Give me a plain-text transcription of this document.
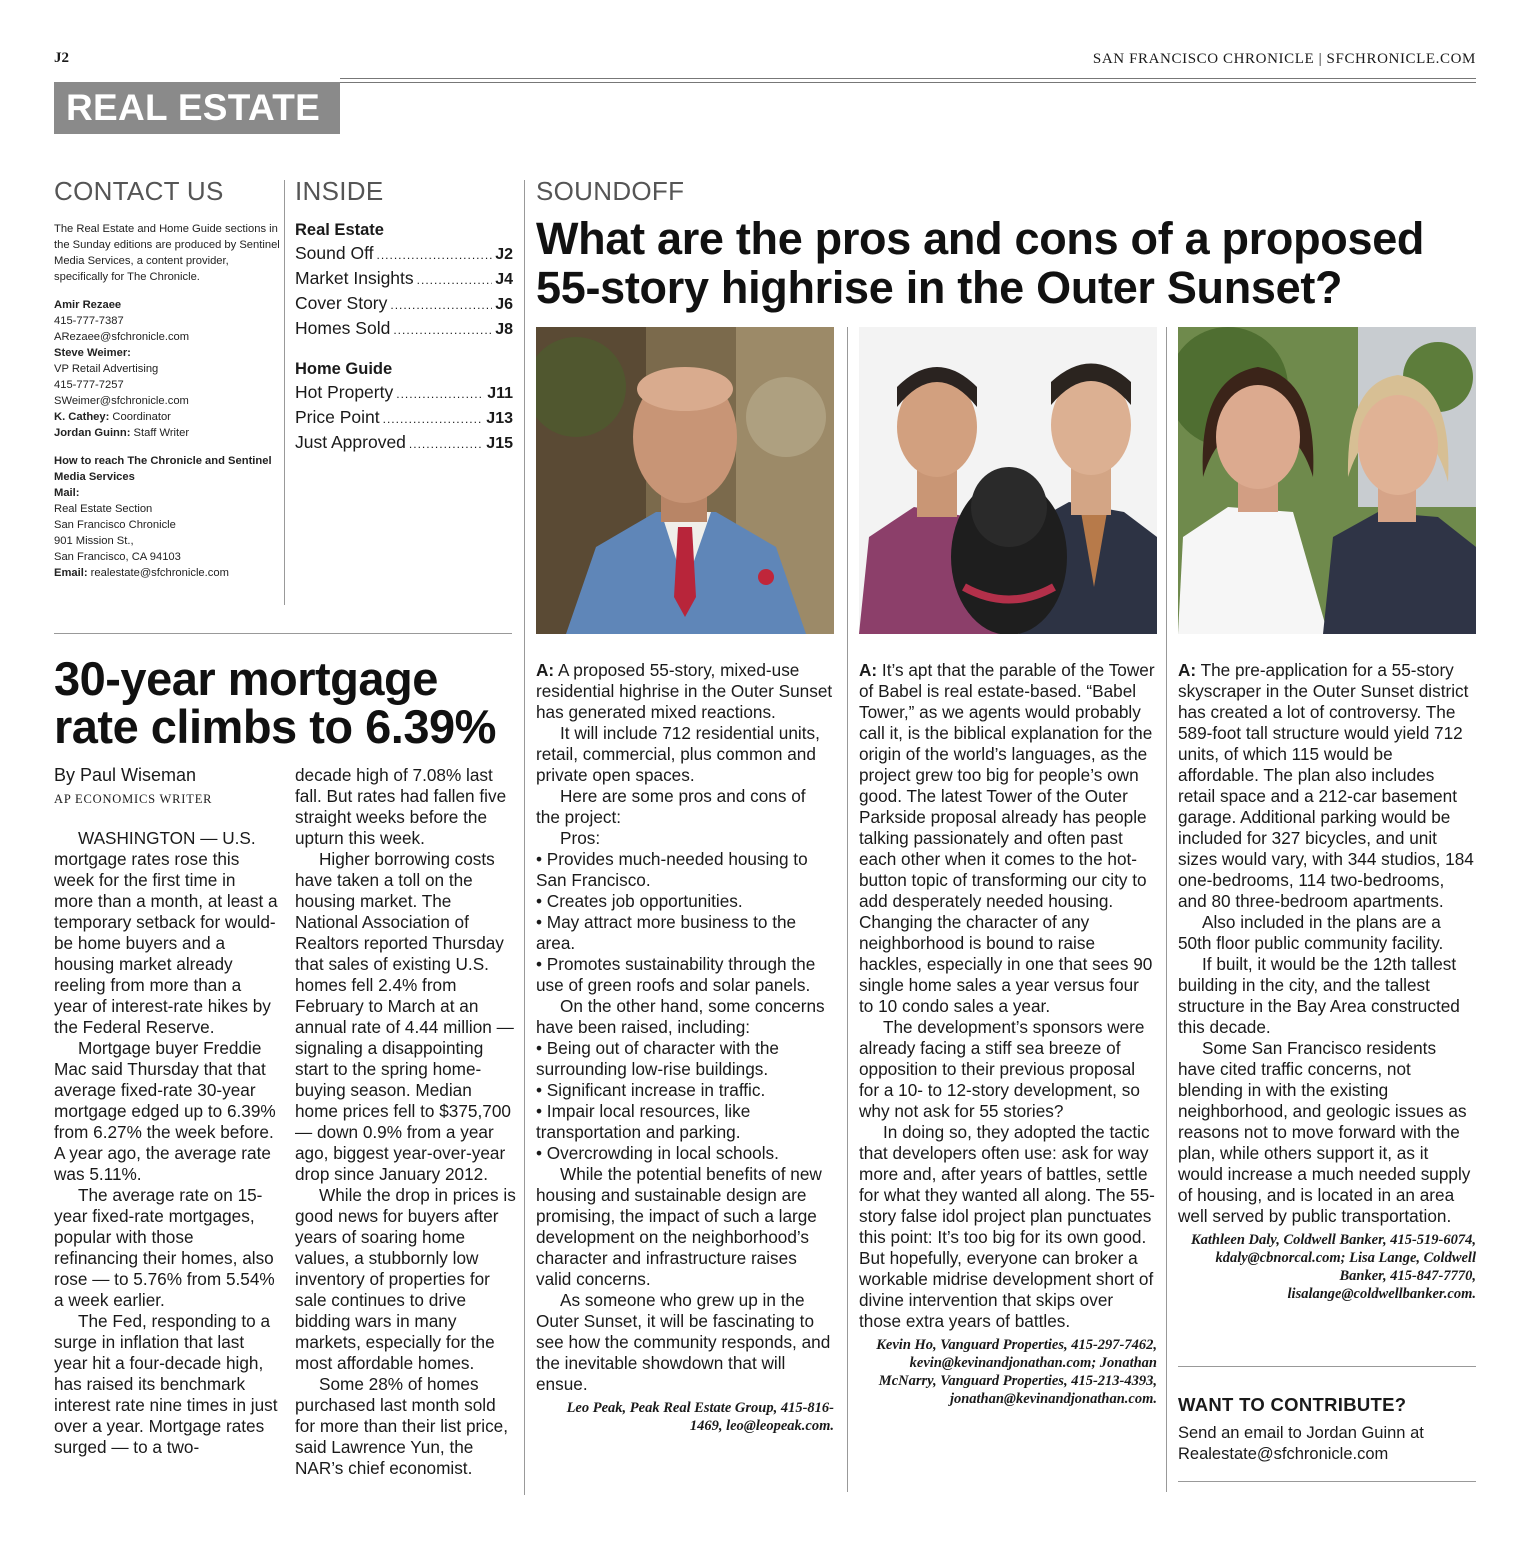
J2	SAN FRANCISCO CHRONICLE | SFCHRONICLE.COM
REAL ESTATE
CONTACT US

The Real Estate and Home Guide sections in the Sunday editions are produced by Sentinel Media Services, a content provider, specifically for The Chronicle.

Amir Rezaee

415-777-7387

ARezaee@sfchronicle.com

Steve Weimer:

VP Retail Advertising

415-777-7257

SWeimer@sfchronicle.com

K. Cathey: Coordinator

Jordan Guinn: Staff Writer

How to reach The Chronicle and Sentinel Media Services

Mail:

Real Estate Section

San Francisco Chronicle

901 Mission St.,

San Francisco, CA 94103

Email: realestate@sfchronicle.com

INSIDE
Real Estate
Sound Off .....	J2
Market Insights .....	J4
Cover Story .....	J6
Homes Sold .....	J8
Home Guide
Hot Property .....	J11
Price Point .....	J13
Just Approved .....	J15
30-year mortgage rate climbs to 6.39%
By Paul Wiseman
AP ECONOMICS WRITER

WASHINGTON — U.S. mortgage rates rose this week for the first time in more than a month, at least a temporary setback for would-be home buyers and a housing market already reeling from more than a year of interest-rate hikes by the Federal Reserve.

Mortgage buyer Freddie Mac said Thursday that that average fixed-rate 30-year mortgage edged up to 6.39% from 6.27% the week before. A year ago, the average rate was 5.11%.

The average rate on 15-year fixed-rate mortgages, popular with those refinancing their homes, also rose — to 5.76% from 5.54% a week earlier.

The Fed, responding to a surge in inflation that last year hit a four-decade high, has raised its benchmark interest rate nine times in just over a year. Mortgage rates surged — to a two-

decade high of 7.08% last fall. But rates had fallen five straight weeks before the upturn this week.

Higher borrowing costs have taken a toll on the housing market. The National Association of Realtors reported Thursday that sales of existing U.S. homes fell 2.4% from February to March at an annual rate of 4.44 million — signaling a disappointing start to the spring home-buying season. Median home prices fell to $375,700 — down 0.9% from a year ago, biggest year-over-year drop since January 2012.

While the drop in prices is good news for buyers after years of soaring home values, a stubbornly low inventory of properties for sale continues to drive bidding wars in many markets, especially for the most affordable homes.

Some 28% of homes purchased last month sold for more than their list price, said Lawrence Yun, the NAR’s chief economist.

SOUNDOFF
What are the pros and cons of a proposed 55-story highrise in the Outer Sunset?

A: A proposed 55-story, mixed-use residential highrise in the Outer Sunset has generated mixed reactions.

It will include 712 residential units, retail, commercial, plus common and private open spaces.

Here are some pros and cons of the project:

Pros:

• Provides much-needed housing to San Francisco.

• Creates job opportunities.

• May attract more business to the area.

• Promotes sustainability through the use of green roofs and solar panels.

On the other hand, some concerns have been raised, including:

• Being out of character with the surrounding low-rise buildings.

• Significant increase in traffic.

• Impair local resources, like transportation and parking.

• Overcrowding in local schools.

While the potential benefits of new housing and sustainable design are promising, the impact of such a large development on the neighborhood’s character and infrastructure raises valid concerns.

As someone who grew up in the Outer Sunset, it will be fascinating to see how the community responds, and the inevitable showdown that will ensue.

Leo Peak, Peak Real Estate Group, 415-816-1469, leo@leopeak.com.

A: It’s apt that the parable of the Tower of Babel is real estate-based. “Babel Tower,” as we agents would probably call it, is the biblical explanation for the origin of the world’s languages, as the project grew too big for people’s own good. The latest Tower of the Outer Parkside proposal already has people talking passionately and often past each other when it comes to the hot-button topic of transforming our city to add desperately needed housing. Changing the character of any neighborhood is bound to raise hackles, especially in one that sees 90 single home sales a year versus four to 10 condo sales a year.

The development’s sponsors were already facing a stiff sea breeze of opposition to their previous proposal for a 10- to 12-story development, so why not ask for 55 stories?

In doing so, they adopted the tactic that developers often use: ask for way more and, after years of battles, settle for what they wanted all along. The 55-story false idol project plan punctuates this point: It’s too big for its own good. But hopefully, everyone can broker a workable midrise development short of divine intervention that skips over those extra years of battles.

Kevin Ho, Vanguard Properties, 415-297-7462, kevin@kevinandjonathan.com; Jonathan McNarry, Vanguard Properties, 415-213-4393, jonathan@kevinandjonathan.com.

A: The pre-application for a 55-story skyscraper in the Outer Sunset district has created a lot of controversy. The 589-foot tall structure would yield 712 units, of which 115 would be affordable. The plan also includes retail space and a 212-car basement garage. Additional parking would be included for 327 bicycles, and unit sizes would vary, with 344 studios, 184 one-bedrooms, 114 two-bedrooms, and 80 three-bedroom apartments.

Also included in the plans are a 50th floor public community facility.

If built, it would be the 12th tallest building in the city, and the tallest structure in the Bay Area constructed this decade.

Some San Francisco residents have cited traffic concerns, not blending in with the existing neighborhood, and geologic issues as reasons not to move forward with the plan, while others support it, as it would increase a much needed supply of housing, and is located in an area well served by public transportation.

Kathleen Daly, Coldwell Banker, 415-519-6074, kdaly@cbnorcal.com; Lisa Lange, Coldwell Banker, 415-847-7770, lisalange@coldwellbanker.com.
WANT TO CONTRIBUTE?
Send an email to Jordan Guinn at Realestate@sfchronicle.com
